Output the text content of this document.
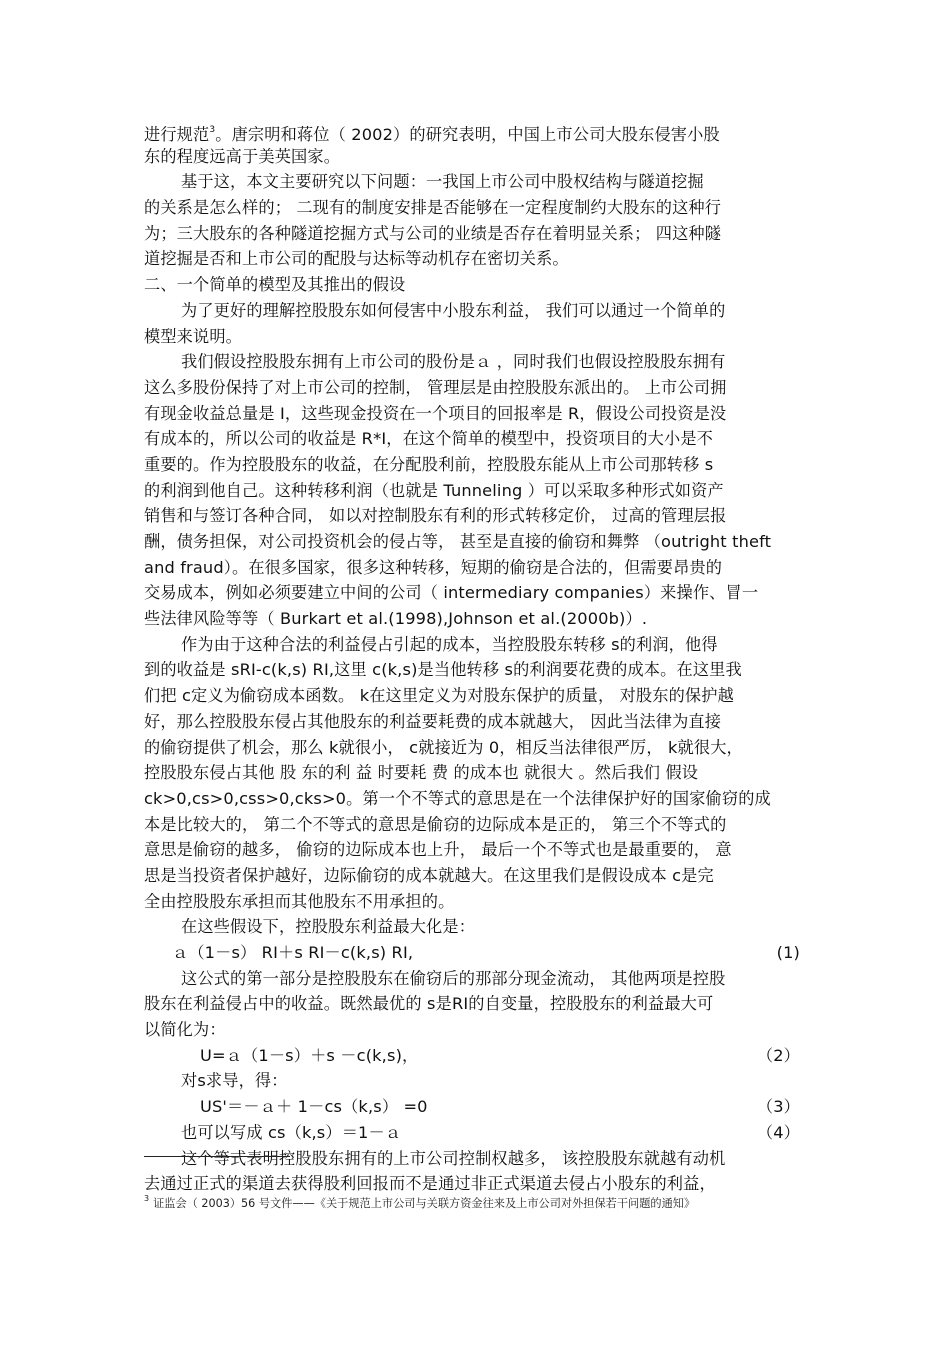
进行规范$^3$。唐宗明和蒋位（ 2002）的研究表明，中国上市公司大股东侵害小股
东的程度远高于美英国家。
基于这，本文主要研究以下问题：一我国上市公司中股权结构与隧道挖掘
的关系是怎么样的； 二现有的制度安排是否能够在一定程度制约大股东的这种行
为；三大股东的各种隧道挖掘方式与公司的业绩是否存在着明显关系； 四这种隧
道挖掘是否和上市公司的配股与达标等动机存在密切关系。
二、一个简单的模型及其推出的假设
为了更好的理解控股股东如何侵害中小股东利益， 我们可以通过一个简单的
模型来说明。
我们假设控股股东拥有上市公司的股份是ａ ，同时我们也假设控股股东拥有
这么多股份保持了对上市公司的控制， 管理层是由控股股东派出的。 上市公司拥
有现金收益总量是 I，这些现金投资在一个项目的回报率是 R，假设公司投资是没
有成本的，所以公司的收益是 R*I，在这个简单的模型中，投资项目的大小是不
重要的。作为控股股东的收益，在分配股利前，控股股东能从上市公司那转移 s
的利润到他自己。这种转移利润（也就是 Tunneling ）可以采取多种形式如资产
销售和与签订各种合同， 如以对控制股东有利的形式转移定价， 过高的管理层报
酬，债务担保，对公司投资机会的侵占等， 甚至是直接的偷窃和舞弊 （outright theft
and fraud）。在很多国家，很多这种转移，短期的偷窃是合法的，但需要昂贵的
交易成本，例如必须要建立中间的公司（ intermediary companies）来操作、冒一
些法律风险等等（ Burkart et al.(1998),Johnson et al.(2000b)）.
作为由于这种合法的利益侵占引起的成本，当控股股东转移 s的利润，他得
到的收益是 sRI-c(k,s) RI,这里 c(k,s)是当他转移 s的利润要花费的成本。在这里我
们把 c定义为偷窃成本函数。 k在这里定义为对股东保护的质量， 对股东的保护越
好，那么控股股东侵占其他股东的利益要耗费的成本就越大， 因此当法律为直接
的偷窃提供了机会，那么 k就很小， c就接近为 0，相反当法律很严厉， k就很大，
控股股东侵占其他 股 东的利 益 时要耗 费 的成本也 就很大 。然后我们 假设
ck>0,cs>0,css>0,cks>0。第一个不等式的意思是在一个法律保护好的国家偷窃的成
本是比较大的， 第二个不等式的意思是偷窃的边际成本是正的， 第三个不等式的
意思是偷窃的越多， 偷窃的边际成本也上升， 最后一个不等式也是最重要的， 意
思是当投资者保护越好，边际偷窃的成本就越大。在这里我们是假设成本 c是完
全由控股股东承担而其他股东不用承担的。
在这些假设下，控股股东利益最大化是：
ａ（1－s） RI＋s RI－c(k,s) RI,	(1)
这公式的第一部分是控股股东在偷窃后的那部分现金流动， 其他两项是控股
股东在利益侵占中的收益。既然最优的 s是RI的自变量，控股股东的利益最大可
以简化为：
U=ａ（1－s）＋s －c(k,s)，	（2）
对s求导，得：
US'＝－ａ＋ 1－cs（k,s） =0	（3）
也可以写成 cs（k,s）＝1－ａ	（4）
这个等式表明控股股东拥有的上市公司控制权越多， 该控股股东就越有动机
去通过正式的渠道去获得股利回报而不是通过非正式渠道去侵占小股东的利益，
$^3$ 证监会（ 2003）56 号文件——《关于规范上市公司与关联方资金往来及上市公司对外担保若干问题的通知》
